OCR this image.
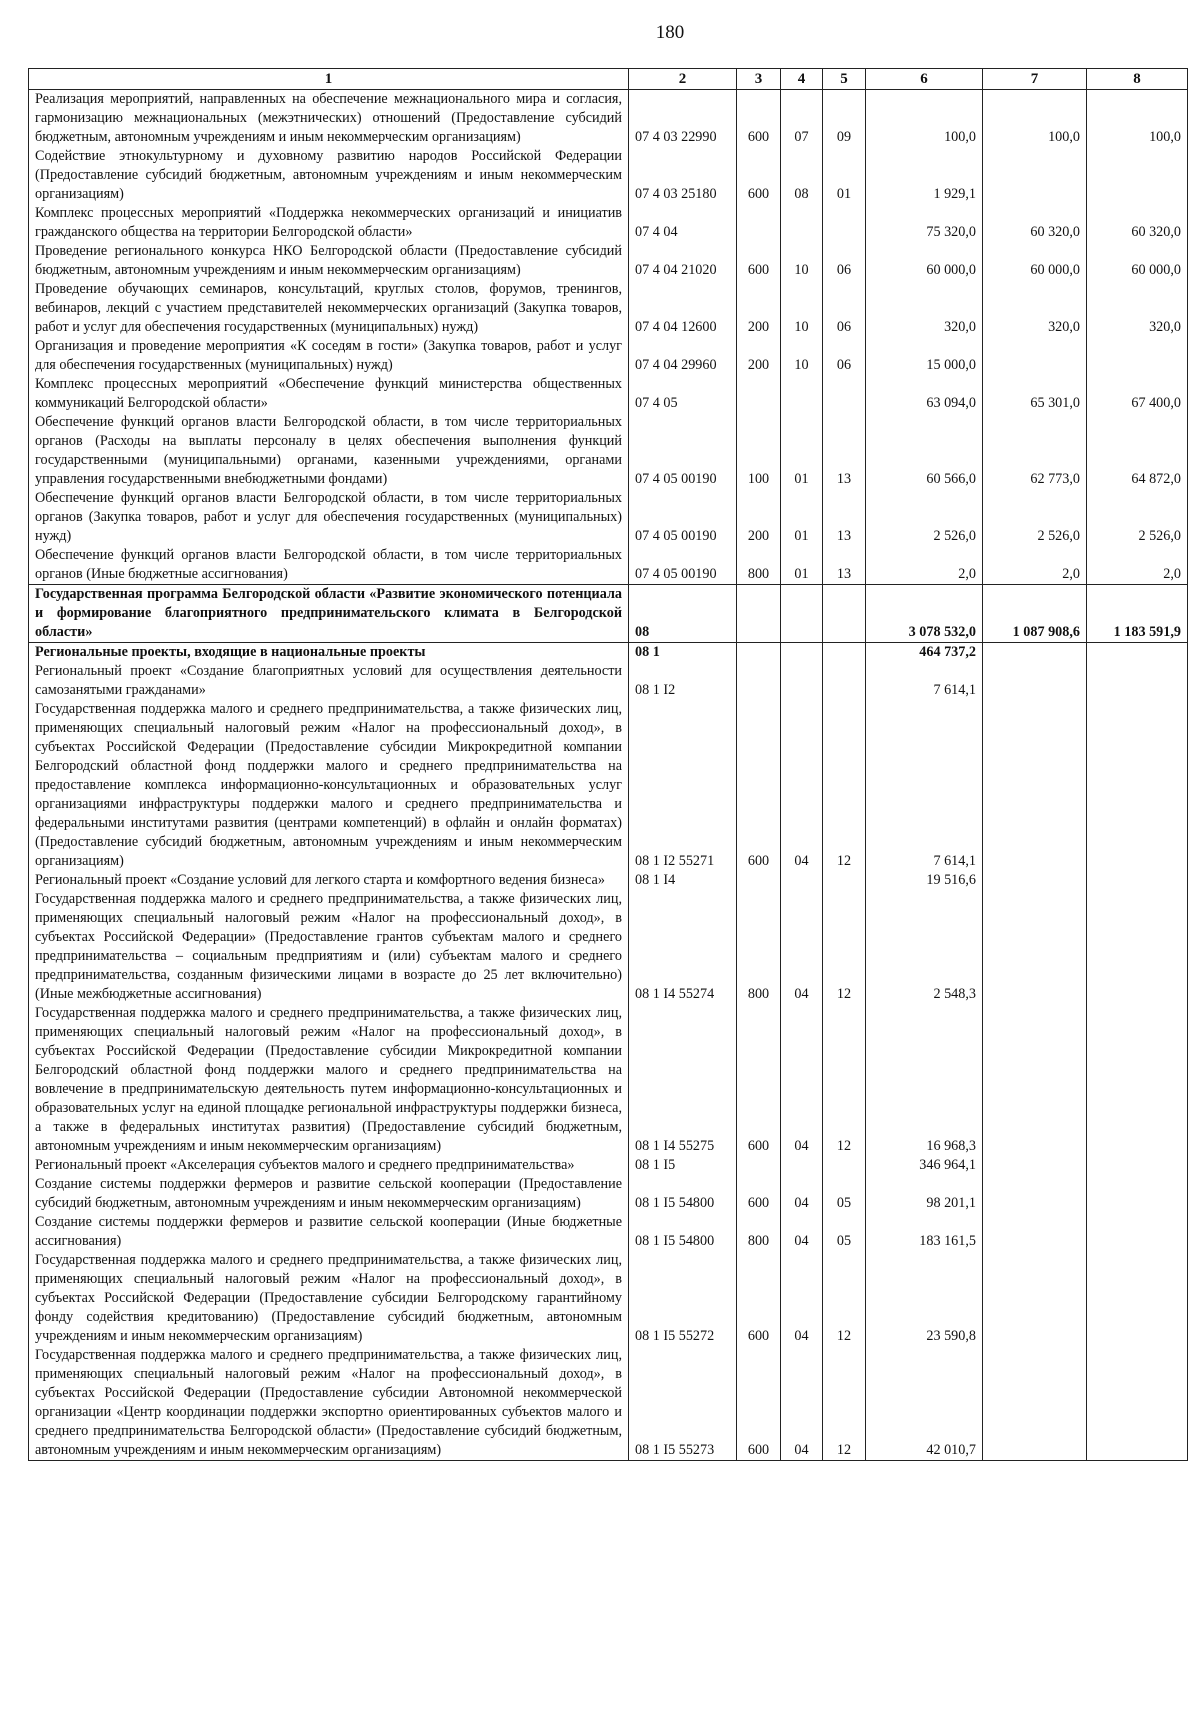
180
1	2	3	4	5	6	7	8
Реализация мероприятий, направленных на обеспечение межнационального мира и согласия, гармонизацию межнациональных (межэтнических) отношений (Предоставление субсидий бюджетным, автономным учреждениям и иным некоммерческим организациям)	07 4 03 22990	600	07	09	100,0	100,0	100,0
Содействие этнокультурному и духовному развитию народов Российской Федерации (Предоставление субсидий бюджетным, автономным учреждениям и иным некоммерческим организациям)	07 4 03 25180	600	08	01	1 929,1		
Комплекс процессных мероприятий «Поддержка некоммерческих организаций и инициатив гражданского общества на территории Белгородской области»	07 4 04				75 320,0	60 320,0	60 320,0
Проведение регионального конкурса НКО Белгородской области (Предоставление субсидий бюджетным, автономным учреждениям и иным некоммерческим организациям)	07 4 04 21020	600	10	06	60 000,0	60 000,0	60 000,0
Проведение обучающих семинаров, консультаций, круглых столов, форумов, тренингов, вебинаров, лекций с участием представителей некоммерческих организаций (Закупка товаров, работ и услуг для обеспечения государственных (муниципальных) нужд)	07 4 04 12600	200	10	06	320,0	320,0	320,0
Организация и проведение мероприятия «К соседям в гости» (Закупка товаров, работ и услуг для обеспечения государственных (муниципальных) нужд)	07 4 04 29960	200	10	06	15 000,0		
Комплекс процессных мероприятий «Обеспечение функций министерства общественных коммуникаций Белгородской области»	07 4 05				63 094,0	65 301,0	67 400,0
Обеспечение функций органов власти Белгородской области, в том числе территориальных органов (Расходы на выплаты персоналу в целях обеспечения выполнения функций государственными (муниципальными) органами, казенными учреждениями, органами управления государственными внебюджетными фондами)	07 4 05 00190	100	01	13	60 566,0	62 773,0	64 872,0
Обеспечение функций органов власти Белгородской области, в том числе территориальных органов (Закупка товаров, работ и услуг для обеспечения государственных (муниципальных) нужд)	07 4 05 00190	200	01	13	2 526,0	2 526,0	2 526,0
Обеспечение функций органов власти Белгородской области, в том числе территориальных органов (Иные бюджетные ассигнования)	07 4 05 00190	800	01	13	2,0	2,0	2,0
Государственная программа Белгородской области «Развитие экономического потенциала и формирование благоприятного предпринимательского климата в Белгородской области»	08				3 078 532,0	1 087 908,6	1 183 591,9
Региональные проекты, входящие в национальные проекты	08 1				464 737,2		
Региональный проект «Создание благоприятных условий для осуществления деятельности самозанятыми гражданами»	08 1 I2				7 614,1		
Государственная поддержка малого и среднего предпринимательства, а также физических лиц, применяющих специальный налоговый режим «Налог на профессиональный доход», в субъектах Российской Федерации (Предоставление субсидии Микрокредитной компании Белгородский областной фонд поддержки малого и среднего предпринимательства на предоставление комплекса информационно-консультационных и образовательных услуг организациями инфраструктуры поддержки малого и среднего предпринимательства и федеральными институтами развития (центрами компетенций) в офлайн и онлайн форматах) (Предоставление субсидий бюджетным, автономным учреждениям и иным некоммерческим организациям)	08 1 I2 55271	600	04	12	7 614,1		
Региональный проект «Создание условий для легкого старта и комфортного ведения бизнеса»	08 1 I4				19 516,6		
Государственная поддержка малого и среднего предпринимательства, а также физических лиц, применяющих специальный налоговый режим «Налог на профессиональный доход», в субъектах Российской Федерации» (Предоставление грантов субъектам малого и среднего предпринимательства – социальным предприятиям и (или) субъектам малого и среднего предпринимательства, созданным физическими лицами в возрасте до 25 лет включительно) (Иные межбюджетные ассигнования)	08 1 I4 55274	800	04	12	2 548,3		
Государственная поддержка малого и среднего предпринимательства, а также физических лиц, применяющих специальный налоговый режим «Налог на профессиональный доход», в субъектах Российской Федерации (Предоставление субсидии Микрокредитной компании Белгородский областной фонд поддержки малого и среднего предпринимательства на вовлечение в предпринимательскую деятельность путем информационно-консультационных и образовательных услуг на единой площадке региональной инфраструктуры поддержки бизнеса, а также в федеральных институтах развития) (Предоставление субсидий бюджетным, автономным учреждениям и иным некоммерческим организациям)	08 1 I4 55275	600	04	12	16 968,3		
Региональный проект «Акселерация субъектов малого и среднего предпринимательства»	08 1 I5				346 964,1		
Создание системы поддержки фермеров и развитие сельской кооперации (Предоставление субсидий бюджетным, автономным учреждениям и иным некоммерческим организациям)	08 1 I5 54800	600	04	05	98 201,1		
Создание системы поддержки фермеров и развитие сельской кооперации (Иные бюджетные ассигнования)	08 1 I5 54800	800	04	05	183 161,5		
Государственная поддержка малого и среднего предпринимательства, а также физических лиц, применяющих специальный налоговый режим «Налог на профессиональный доход», в субъектах Российской Федерации (Предоставление субсидии Белгородскому гарантийному фонду содействия кредитованию) (Предоставление субсидий бюджетным, автономным учреждениям и иным некоммерческим организациям)	08 1 I5 55272	600	04	12	23 590,8		
Государственная поддержка малого и среднего предпринимательства, а также физических лиц, применяющих специальный налоговый режим «Налог на профессиональный доход», в субъектах Российской Федерации (Предоставление субсидии Автономной некоммерческой организации «Центр координации поддержки экспортно ориентированных субъектов малого и среднего предпринимательства Белгородской области» (Предоставление субсидий бюджетным, автономным учреждениям и иным некоммерческим организациям)	08 1 I5 55273	600	04	12	42 010,7		
